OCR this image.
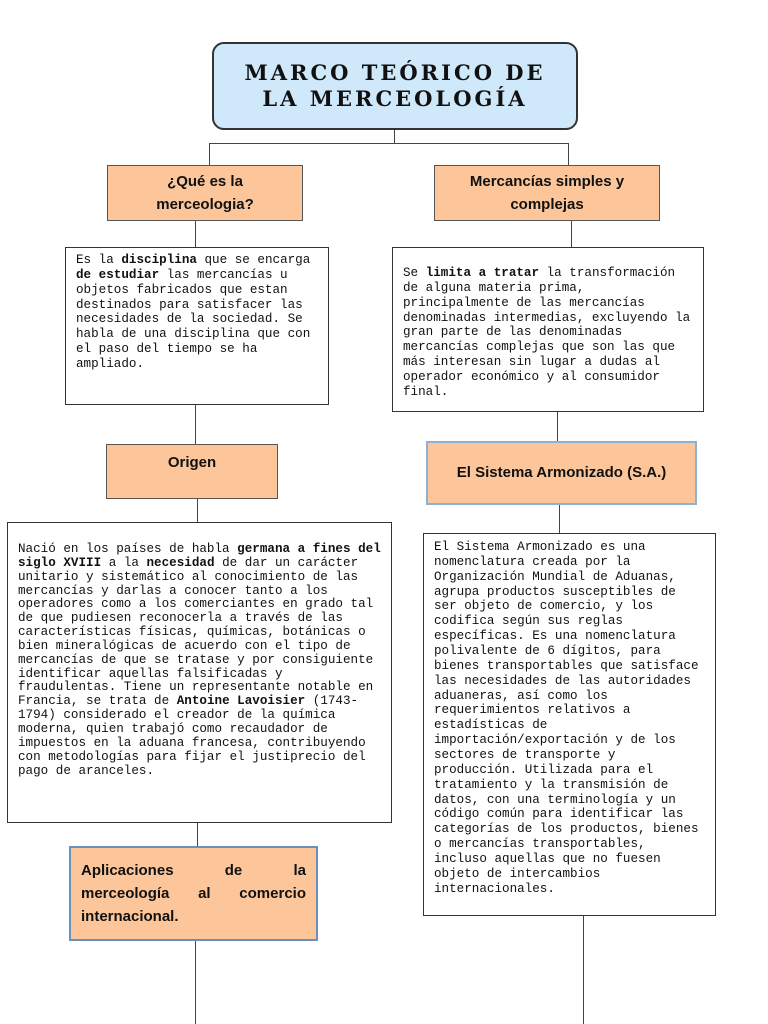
MARCO TEÓRICO DE LA MERCEOLOGÍA
¿Qué es la merceologia?

Es la disciplina que se encarga de estudiar las mercancías u objetos fabricados que estan destinados para satisfacer las necesidades de la sociedad. Se habla de una disciplina que con el paso del tiempo se ha ampliado.

Origen

Nació en los países de habla germana a fines del siglo XVIII a la necesidad de dar un carácter unitario y sistemático al conocimiento de las mercancías y darlas a conocer tanto a los operadores como a los comerciantes en grado tal de que pudiesen reconocerla a través de las características físicas, químicas, botánicas o bien mineralógicas de acuerdo con el tipo de mercancías de que se tratase y por consiguiente identificar aquellas falsificadas y fraudulentas. Tiene un representante notable en Francia, se trata de Antoine Lavoisier (1743-1794) considerado el creador de la química moderna, quien trabajó como recaudador de impuestos en la aduana francesa, contribuyendo con metodologías para fijar el justiprecio del pago de aranceles.

Aplicaciones de la merceología al comercio internacional.
Mercancías simples y complejas

Se limita a tratar la transformación de alguna materia prima, principalmente de las mercancías denominadas intermedias, excluyendo la gran parte de las denominadas mercancías complejas que son las que más interesan sin lugar a dudas al operador económico y al consumidor final.

El Sistema Armonizado (S.A.)

El Sistema Armonizado es una nomenclatura creada por la Organización Mundial de Aduanas, agrupa productos susceptibles de ser objeto de comercio, y los codifica según sus reglas específicas. Es una nomenclatura polivalente de 6 dígitos, para bienes transportables que satisface las necesidades de las autoridades aduaneras, así como los requerimientos relativos a estadísticas de importación/exportación y de los sectores de transporte y producción. Utilizada para el tratamiento y la transmisión de datos, con una terminología y un código común para identificar las categorías de los productos, bienes o mercancías transportables, incluso aquellas que no fuesen objeto de intercambios internacionales.
